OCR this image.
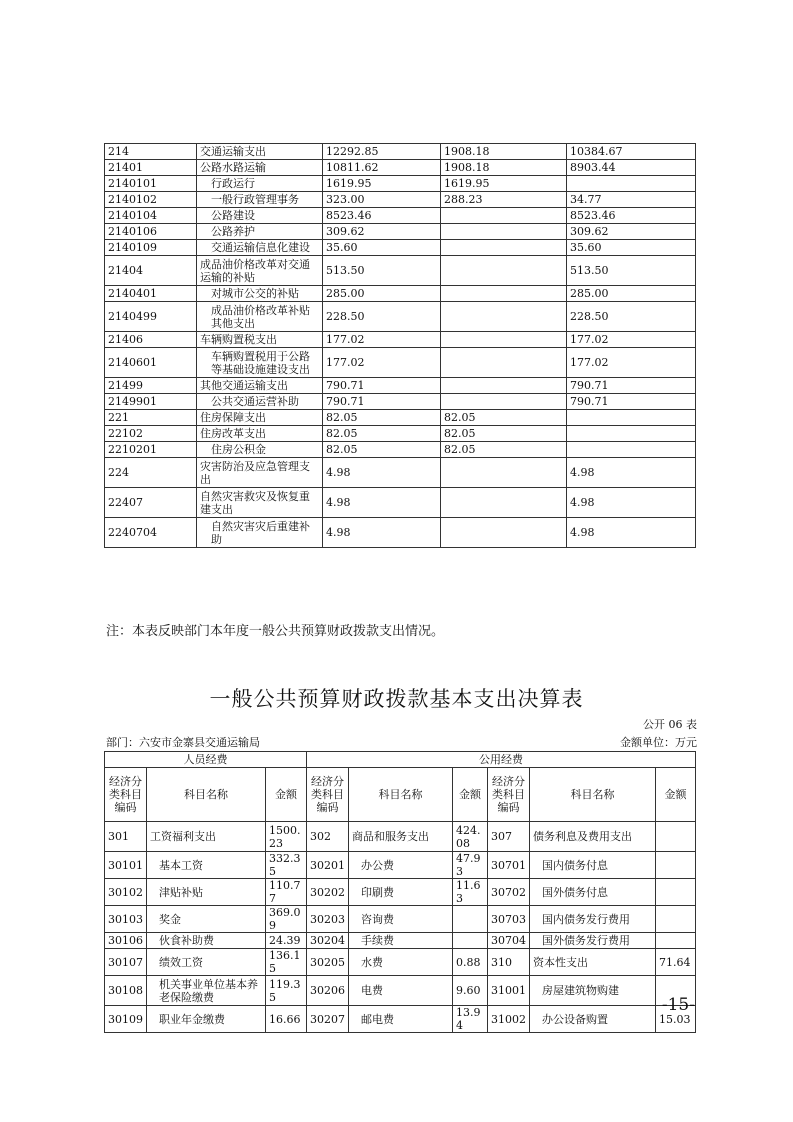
214	交通运输支出	12292.85	1908.18	10384.67
21401	公路水路运输	10811.62	1908.18	8903.44
2140101	行政运行	1619.95	1619.95	
2140102	一般行政管理事务	323.00	288.23	34.77
2140104	公路建设	8523.46		8523.46
2140106	公路养护	309.62		309.62
2140109	交通运输信息化建设	35.60		35.60
21404	成品油价格改革对交通运输的补贴	513.50		513.50
2140401	对城市公交的补贴	285.00		285.00
2140499	成品油价格改革补贴其他支出	228.50		228.50
21406	车辆购置税支出	177.02		177.02
2140601	车辆购置税用于公路等基础设施建设支出	177.02		177.02
21499	其他交通运输支出	790.71		790.71
2149901	公共交通运营补助	790.71		790.71
221	住房保障支出	82.05	82.05	
22102	住房改革支出	82.05	82.05	
2210201	住房公积金	82.05	82.05	
224	灾害防治及应急管理支出	4.98		4.98
22407	自然灾害救灾及恢复重建支出	4.98		4.98
2240704	自然灾害灾后重建补助	4.98		4.98
注：本表反映部门本年度一般公共预算财政拨款支出情况。
一般公共预算财政拨款基本支出决算表
公开 06 表
部门：六安市金寨县交通运输局	金额单位：万元
人员经费			公用经费					
经济分类科目编码	科目名称	金额	经济分类科目编码	科目名称	金额	经济分类科目编码	科目名称	金额
301	工资福利支出	1500.23	302	商品和服务支出	424.08	307	债务利息及费用支出	
30101	基本工资	332.35	30201	办公费	47.93	30701	国内债务付息	
30102	津贴补贴	110.77	30202	印刷费	11.63	30702	国外债务付息	
30103	奖金	369.09	30203	咨询费		30703	国内债务发行费用	
30106	伙食补助费	24.39	30204	手续费		30704	国外债务发行费用	
30107	绩效工资	136.15	30205	水费	0.88	310	资本性支出	71.64
30108	机关事业单位基本养老保险缴费	119.35	30206	电费	9.60	31001	房屋建筑物购建	
30109	职业年金缴费	16.66	30207	邮电费	13.94	31002	办公设备购置	15.03
-15-
